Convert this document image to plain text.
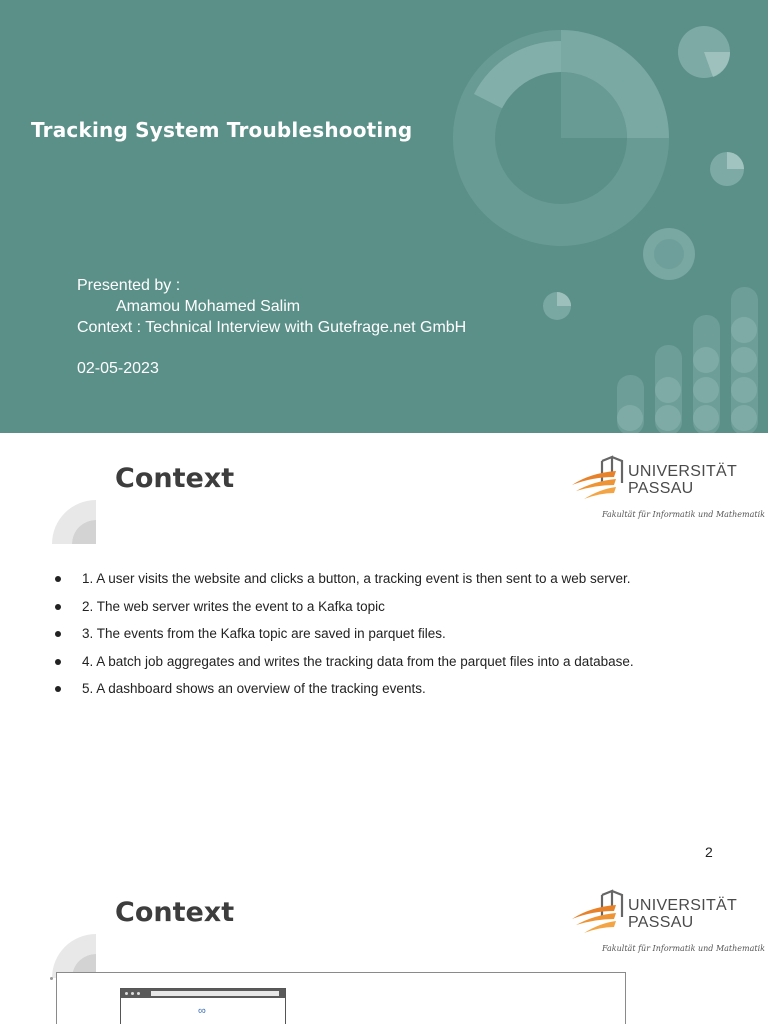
Tracking System Troubleshooting
Presented by :
Amamou Mohamed Salim
Context : Technical Interview with Gutefrage.net GmbH
02-05-2023
Context	UNIVERSITÄT
PASSAU
Fakultät für Informatik und Mathematik
1. A user visits the website and clicks a button, a tracking event is then sent to a web server.
2. The web server writes the event to a Kafka topic
3. The events from the Kafka topic are saved in parquet files.
4. A batch job aggregates and writes the tracking data from the parquet files into a database.
5. A dashboard shows an overview of the tracking events.
2
Context	UNIVERSITÄT
PASSAU
Fakultät für Informatik und Mathematik
∞
